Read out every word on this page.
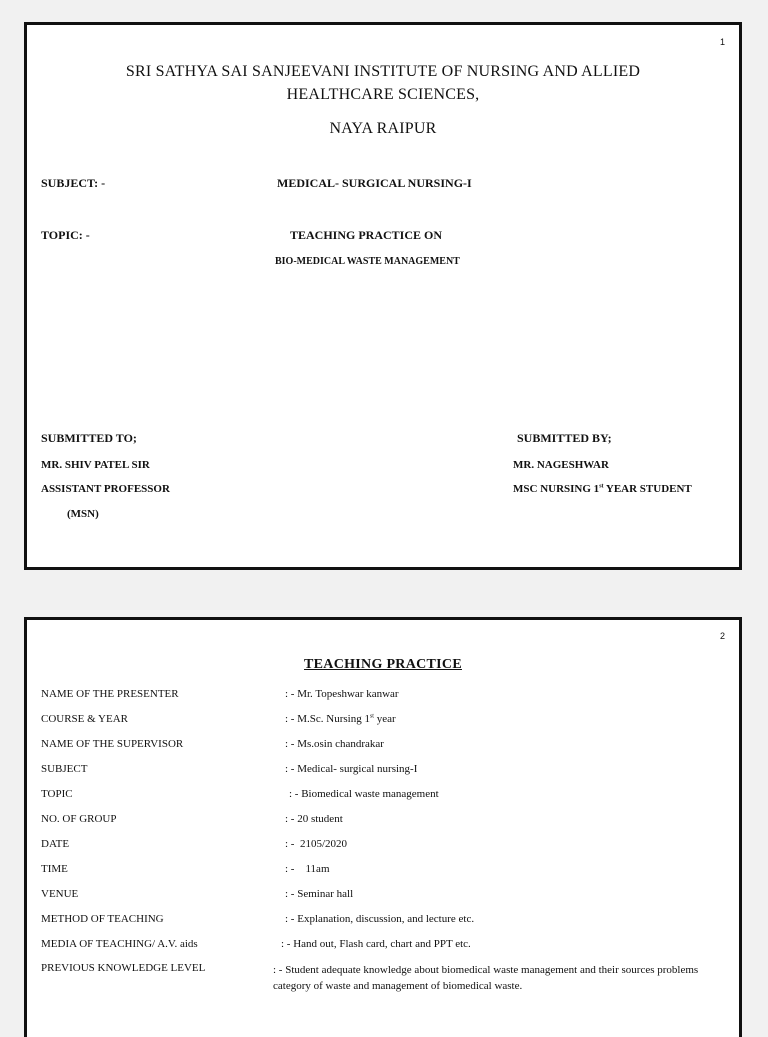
1
SRI SATHYA SAI SANJEEVANI INSTITUTE OF NURSING AND ALLIED
HEALTHCARE SCIENCES,
NAYA RAIPUR
SUBJECT: -	MEDICAL- SURGICAL NURSING-I
TOPIC: -	TEACHING PRACTICE ON
BIO-MEDICAL WASTE MANAGEMENT
SUBMITTED TO;
MR. SHIV PATEL SIR
ASSISTANT PROFESSOR
(MSN)
SUBMITTED BY;
MR. NAGESHWAR
MSC NURSING 1st YEAR STUDENT
2
TEACHING PRACTICE
NAME OF THE PRESENTER	: - Mr. Topeshwar kanwar
COURSE & YEAR	: - M.Sc. Nursing 1st year
NAME OF THE SUPERVISOR	: - Ms.osin chandrakar
SUBJECT	: - Medical- surgical nursing-I
TOPIC	: - Biomedical waste management
NO. OF GROUP	: - 20 student
DATE	: -  2105/2020
TIME	: -    11am
VENUE	: - Seminar hall
METHOD OF TEACHING	: - Explanation, discussion, and lecture etc.
MEDIA OF TEACHING/ A.V. aids	: - Hand out, Flash card, chart and PPT etc.
PREVIOUS KNOWLEDGE LEVEL	: - Student adequate knowledge about biomedical waste management and their sources problems category of waste and management of biomedical waste.
